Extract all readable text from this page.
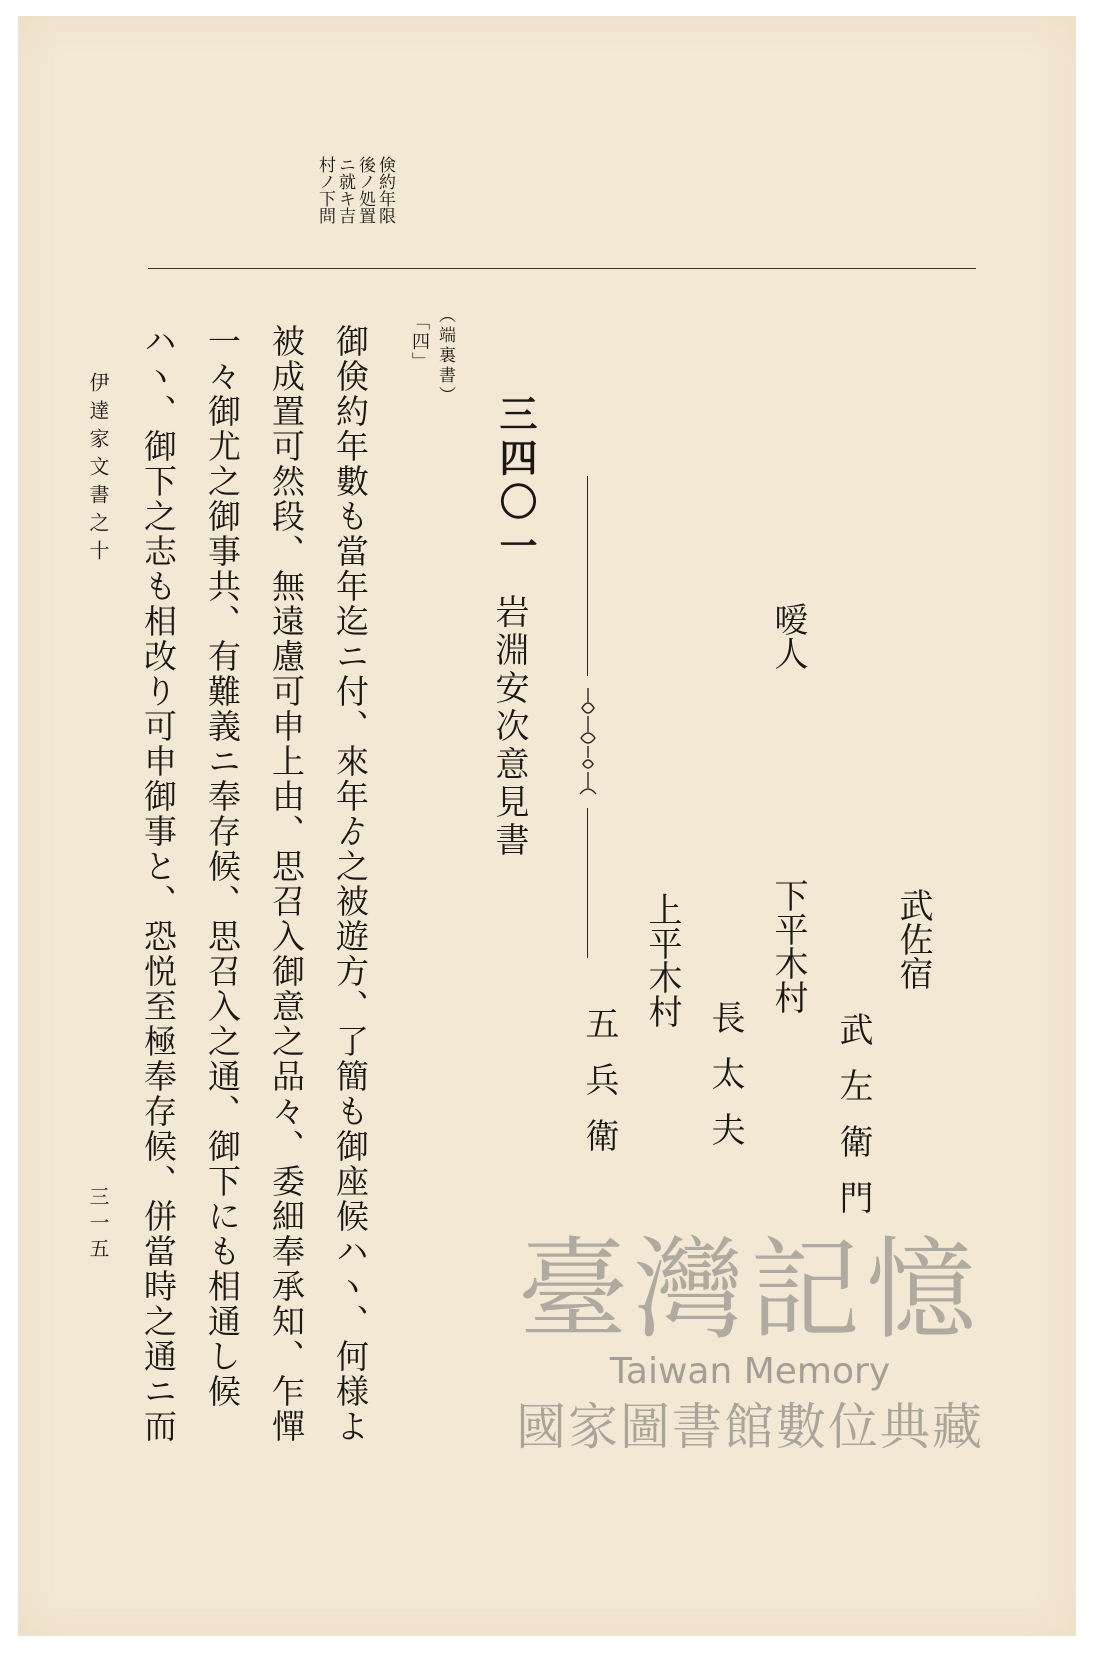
倹約年限
後ノ処置
ニ就キ吉
村ノ下問
武佐宿
武左衛門
下平木村
嗳人
長太夫
上平木村
五兵衛
三四〇一
岩淵安次意見書
（端裏書）
「四」
御倹約年數も當年迄ニ付、來年ゟ之被遊方、了簡も御座候ハヽ、何様よ
被成置可然段、無遠慮可申上由、思召入御意之品々、委細奉承知、乍憚
一々御尤之御事共、有難義ニ奉存候、思召入之通、御下にも相通し候
ハヽ、御下之志も相改り可申御事と、恐悦至極奉存候、併當時之通ニ而
伊達家文書之十
三一五
臺灣記憶
Taiwan Memory
國家圖書館數位典藏
